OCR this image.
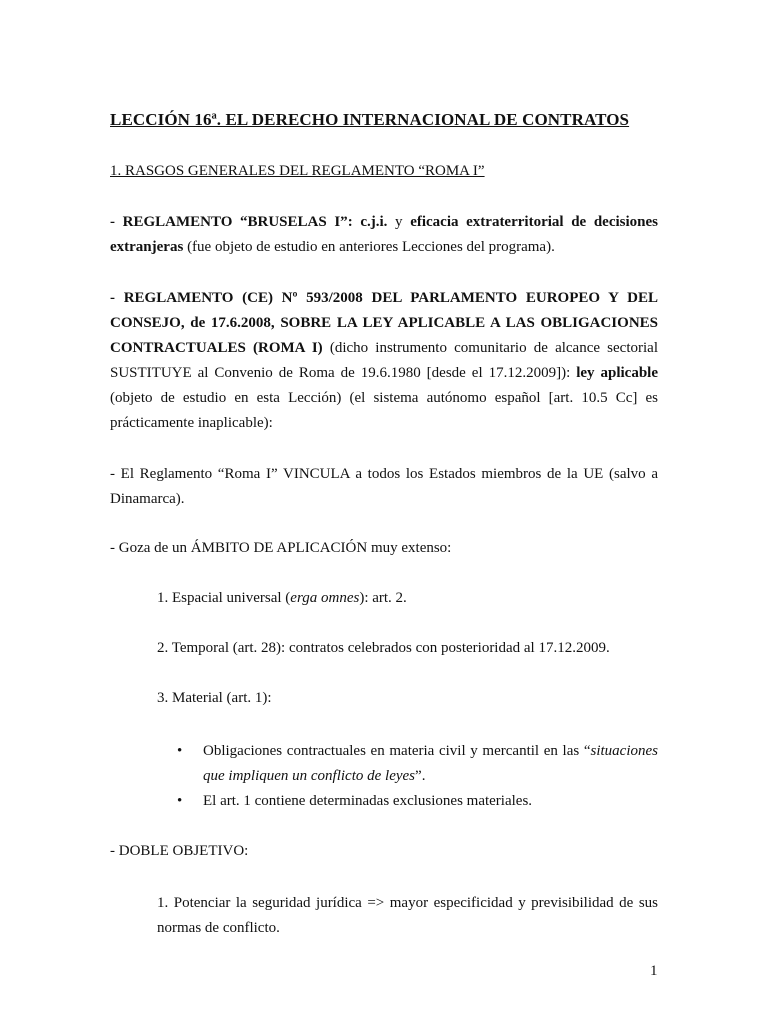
LECCIÓN 16ª. EL DERECHO INTERNACIONAL DE CONTRATOS
1. RASGOS GENERALES DEL REGLAMENTO “ROMA I”

- REGLAMENTO “BRUSELAS I”: c.j.i. y eficacia extraterritorial de decisiones extranjeras (fue objeto de estudio en anteriores Lecciones del programa).

- REGLAMENTO (CE) Nº 593/2008 DEL PARLAMENTO EUROPEO Y DEL CONSEJO, de 17.6.2008, SOBRE LA LEY APLICABLE A LAS OBLIGACIONES CONTRACTUALES (ROMA I) (dicho instrumento comunitario de alcance sectorial SUSTITUYE al Convenio de Roma de 19.6.1980 [desde el 17.12.2009]): ley aplicable (objeto de estudio en esta Lección) (el sistema autónomo español [art. 10.5 Cc] es prácticamente inaplicable):

- El Reglamento “Roma I” VINCULA a todos los Estados miembros de la UE (salvo a Dinamarca).

- Goza de un ÁMBITO DE APLICACIÓN muy extenso:
1. Espacial universal (erga omnes): art. 2.
2. Temporal (art. 28): contratos celebrados con posterioridad al 17.12.2009.
3. Material (art. 1):
• Obligaciones contractuales en materia civil y mercantil en las “situaciones que impliquen un conflicto de leyes”.
• El art. 1 contiene determinadas exclusiones materiales.
- DOBLE OBJETIVO:

1. Potenciar la seguridad jurídica => mayor especificidad y previsibilidad de sus normas de conflicto.

1
